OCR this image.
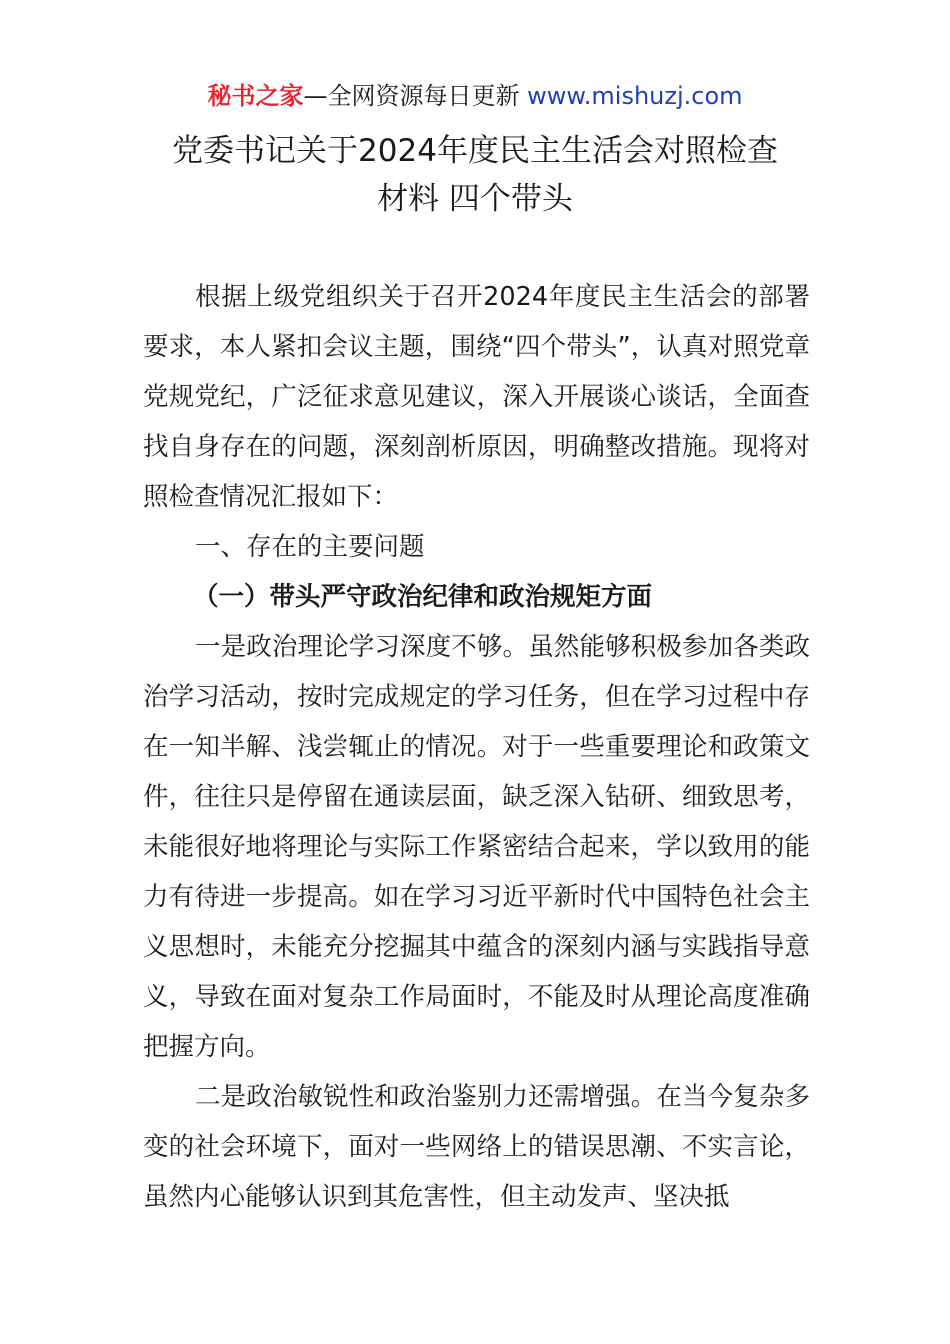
秘书之家—全网资源每日更新 www.mishuzj.com
党委书记关于2024年度民主生活会对照检查
材料 四个带头

根据上级党组织关于召开2024年度民主生活会的部署要求，本人紧扣会议主题，围绕“四个带头”，认真对照党章党规党纪，广泛征求意见建议，深入开展谈心谈话，全面查找自身存在的问题，深刻剖析原因，明确整改措施。现将对照检查情况汇报如下：

一、存在的主要问题

（一）带头严守政治纪律和政治规矩方面

一是政治理论学习深度不够。虽然能够积极参加各类政治学习活动，按时完成规定的学习任务，但在学习过程中存在一知半解、浅尝辄止的情况。对于一些重要理论和政策文件，往往只是停留在通读层面，缺乏深入钻研、细致思考，未能很好地将理论与实际工作紧密结合起来，学以致用的能力有待进一步提高。如在学习习近平新时代中国特色社会主义思想时，未能充分挖掘其中蕴含的深刻内涵与实践指导意义，导致在面对复杂工作局面时，不能及时从理论高度准确把握方向。

二是政治敏锐性和政治鉴别力还需增强。在当今复杂多变的社会环境下，面对一些网络上的错误思潮、不实言论，虽然内心能够认识到其危害性，但主动发声、坚决抵
